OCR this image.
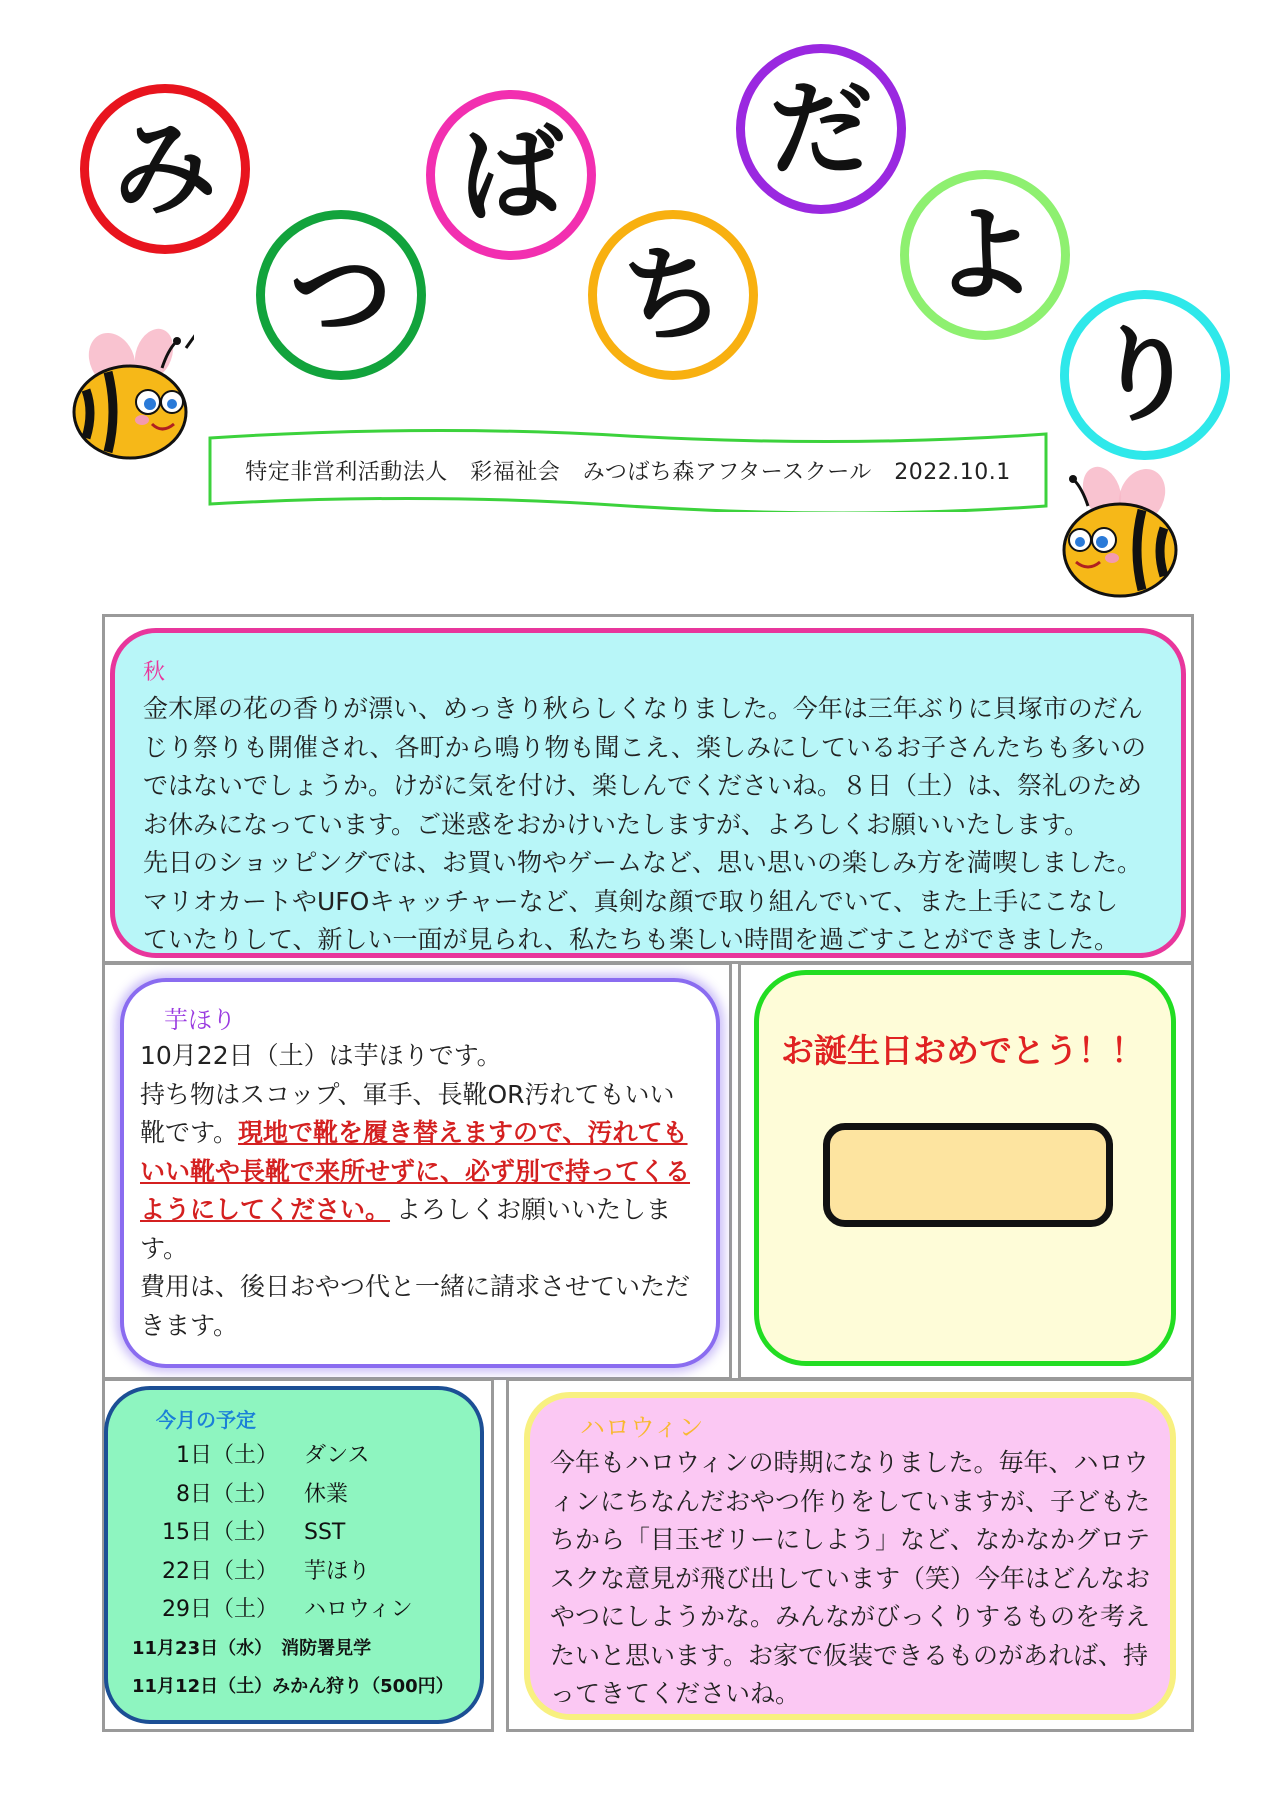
み
つ
ば
ち
だ
よ
り
特定非営利活動法人　彩福祉会　みつばち森アフタースクール　2022.10.1
秋
金木犀の花の香りが漂い、めっきり秋らしくなりました。今年は三年ぶりに貝塚市のだん
じり祭りも開催され、各町から鳴り物も聞こえ、楽しみにしているお子さんたちも多いの
ではないでしょうか。けがに気を付け、楽しんでくださいね。８日（土）は、祭礼のため
お休みになっています。ご迷惑をおかけいたしますが、よろしくお願いいたします。
先日のショッピングでは、お買い物やゲームなど、思い思いの楽しみ方を満喫しました。
マリオカートやUFOキャッチャーなど、真剣な顔で取り組んでいて、また上手にこなし
ていたりして、新しい一面が見られ、私たちも楽しい時間を過ごすことができました。
芋ほり
10月22日（土）は芋ほりです。
持ち物はスコップ、軍手、長靴OR汚れてもいい
靴です。現地で靴を履き替えますので、汚れても
いい靴や長靴で来所せずに、必ず別で持ってくる
ようにしてください。 よろしくお願いいたしま
す。
費用は、後日おやつ代と一緒に請求させていただ
きます。
お誕生日おめでとう！！
今月の予定
1日（土） ダンス
8日（土） 休業
15日（土） SST
22日（土） 芋ほり
29日（土） ハロウィン
11月23日（水）　消防署見学
11月12日（土）みかん狩り（500円）
ハロウィン
今年もハロウィンの時期になりました。毎年、ハロウ
ィンにちなんだおやつ作りをしていますが、子どもた
ちから「目玉ゼリーにしよう」など、なかなかグロテ
スクな意見が飛び出しています（笑）今年はどんなお
やつにしようかな。みんながびっくりするものを考え
たいと思います。お家で仮装できるものがあれば、持
ってきてくださいね。
